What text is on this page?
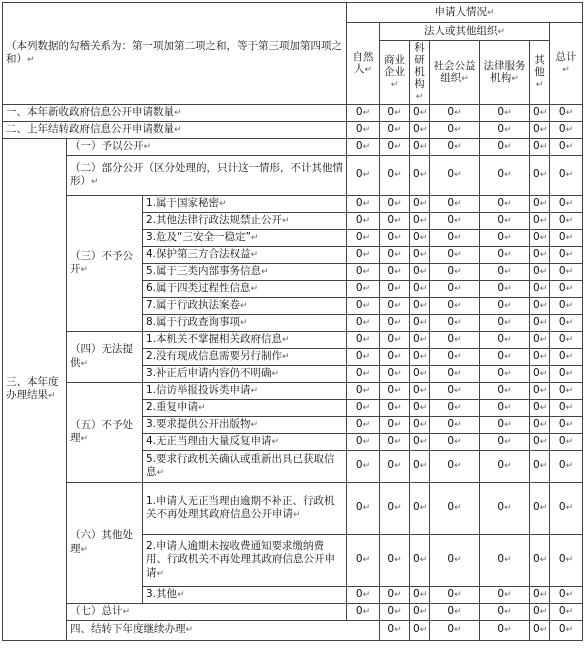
（本列数据的勾稽关系为：第一项加第二项之和，等于第三项加第四项之和）↵			申请人情况↵							
			自然人↵	法人或其他组织↵					总计↵	
				商业企业↵	科研机构↵	社会公益组织↵	法律服务机构↵	其他↵		
一、本年新收政府信息公开申请数量↵			0↵	0↵	0↵	0↵	0↵	0↵	0↵	
二、上年结转政府信息公开申请数量↵			0↵	0↵	0↵	0↵	0↵	0↵	0↵	
三、本年度办理结果↵	（一）予以公开↵		0↵	0↵	0↵	0↵	0↵	0↵	0↵	
	（二）部分公开（区分处理的，只计这一情形，不计其他情形）↵		0↵	0↵	0↵	0↵	0↵	0↵	0↵	
	（三）不予公开↵	1.属于国家秘密↵	0↵	0↵	0↵	0↵	0↵	0↵	0↵	
		2.其他法律行政法规禁止公开↵	0↵	0↵	0↵	0↵	0↵	0↵	0↵	
		3.危及“三安全一稳定”↵	0↵	0↵	0↵	0↵	0↵	0↵	0↵	
		4.保护第三方合法权益↵	0↵	0↵	0↵	0↵	0↵	0↵	0↵	
		5.属于三类内部事务信息↵	0↵	0↵	0↵	0↵	0↵	0↵	0↵	
		6.属于四类过程性信息↵	0↵	0↵	0↵	0↵	0↵	0↵	0↵	
		7.属于行政执法案卷↵	0↵	0↵	0↵	0↵	0↵	0↵	0↵	
		8.属于行政查询事项↵	0↵	0↵	0↵	0↵	0↵	0↵	0↵	
	（四）无法提供↵	1.本机关不掌握相关政府信息↵	0↵	0↵	0↵	0↵	0↵	0↵	0↵	
		2.没有现成信息需要另行制作↵	0↵	0↵	0↵	0↵	0↵	0↵	0↵	
		3.补正后申请内容仍不明确↵	0↵	0↵	0↵	0↵	0↵	0↵	0↵	
	（五）不予处理↵	1.信访举报投诉类申请↵	0↵	0↵	0↵	0↵	0↵	0↵	0↵	
		2.重复申请↵	0↵	0↵	0↵	0↵	0↵	0↵	0↵	
		3.要求提供公开出版物↵	0↵	0↵	0↵	0↵	0↵	0↵	0↵	
		4.无正当理由大量反复申请↵	0↵	0↵	0↵	0↵	0↵	0↵	0↵	
		5.要求行政机关确认或重新出具已获取信息↵	0↵	0↵	0↵	0↵	0↵	0↵	0↵	
	（六）其他处理↵	1.申请人无正当理由逾期不补正、行政机关不再处理其政府信息公开申请↵	0↵	0↵	0↵	0↵	0↵	0↵	0↵	
		2.申请人逾期未按收费通知要求缴纳费用、行政机关不再处理其政府信息公开申请↵	0↵	0↵	0↵	0↵	0↵	0↵	0↵	
		3.其他↵	0↵	0↵	0↵	0↵	0↵	0↵	0↵	
	（七）总计↵		0↵	0↵	0↵	0↵	0↵	0↵	0↵	
	四、结转下年度继续办理↵			0↵	0↵	0↵	0↵	0↵	0↵	
